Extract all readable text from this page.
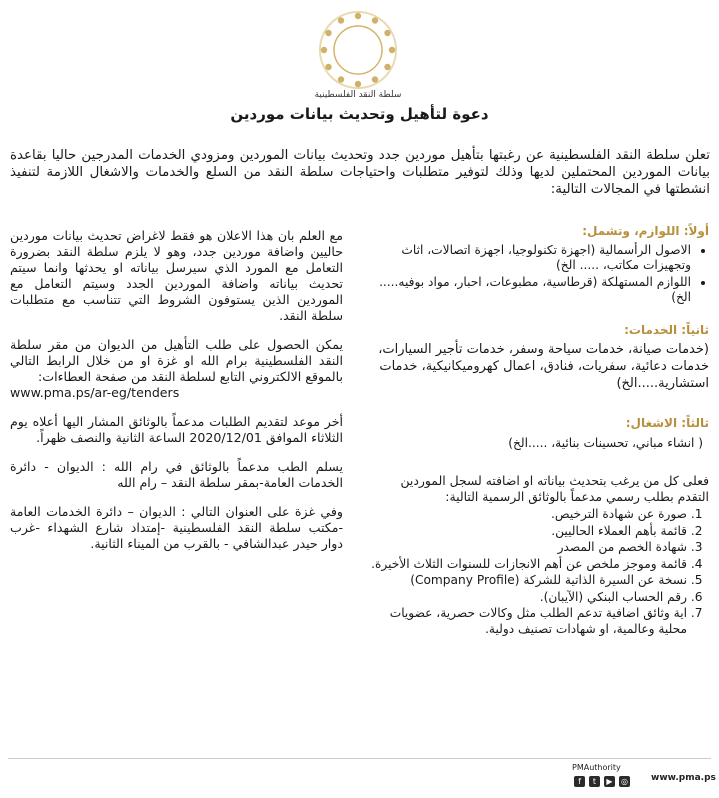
سلطة النقد الفلسطينية
دعوة لتأهيل وتحديث بيانات موردين
تعلن سلطة النقد الفلسطينية عن رغبتها بتأهيل موردين جدد وتحديث بيانات الموردين ومزودي الخدمات المدرجين حاليا بقاعدة بيانات الموردين المحتملين لديها وذلك لتوفير متطلبات واحتياجات سلطة النقد من السلع والخدمات والاشغال اللازمة لتنفيذ انشطتها في المجالات التالية:
أولاً: اللوازم، وتشمل:
• الاصول الرأسمالية (اجهزة تكنولوجيا، اجهزة اتصالات، اثاث وتجهيزات مكاتب، ..... الخ)
• اللوازم المستهلكة (قرطاسية، مطبوعات، احبار، مواد بوفيه..... الخ)
ثانياً: الخدمات:
(خدمات صيانة، خدمات سياحة وسفر، خدمات تأجير السيارات، خدمات دعائية، سفريات، فنادق، اعمال كهروميكانيكية، خدمات استشارية.....الخ)
ثالثاً: الاشغال:
( انشاء مباني، تحسينات بنائية، .....الخ)
فعلى كل من يرغب بتحديث بياناته او اضافته لسجل الموردين التقدم بطلب رسمي مدعماً بالوثائق الرسمية التالية:
1. صورة عن شهادة الترخيص.
2. قائمة بأهم العملاء الحاليين.
3. شهادة الخصم من المصدر
4. قائمة وموجز ملخص عن أهم الانجازات للسنوات الثلاث الأخيرة.
5. نسخة عن السيرة الذاتية للشركة (Company Profile)
6. رقم الحساب البنكي (الآيبان).
7. اية وثائق اضافية تدعم الطلب مثل وكالات حصرية، عضويات محلية وعالمية، او شهادات تصنيف دولية.
مع العلم بان هذا الاعلان هو فقط لاغراض تحديث بيانات موردين حاليين واضافة موردين جدد، وهو لا يلزم سلطة النقد بضرورة التعامل مع المورد الذي سيرسل بياناته او يحدثها وانما سيتم تحديث بياناته واضافة الموردين الجدد وسيتم التعامل مع الموردين الذين يستوفون الشروط التي تتناسب مع متطلبات سلطة النقد.
يمكن الحصول على طلب التأهيل من الديوان من مقر سلطة النقد الفلسطينية برام الله او غزة او من خلال الرابط التالي بالموقع الالكتروني التابع لسلطة النقد من صفحة العطاءات:
www.pma.ps/ar-eg/tenders
أخر موعد لتقديم الطلبات مدعماً بالوثائق المشار اليها أعلاه يوم الثلاثاء الموافق 2020/12/01 الساعة الثانية والنصف ظهراً.
يسلم الطب مدعماً بالوثائق في رام الله : الديوان - دائرة الخدمات العامة-بمقر سلطة النقد – رام الله
وفي غزة على العنوان التالي : الديوان – دائرة الخدمات العامة -مكتب سلطة النقد الفلسطينية -إمتداد شارع الشهداء -غرب دوار حيدر عبدالشافي - بالقرب من الميناء الثانية.
PMAuthority
f	t	▶	◎	www.pma.ps
